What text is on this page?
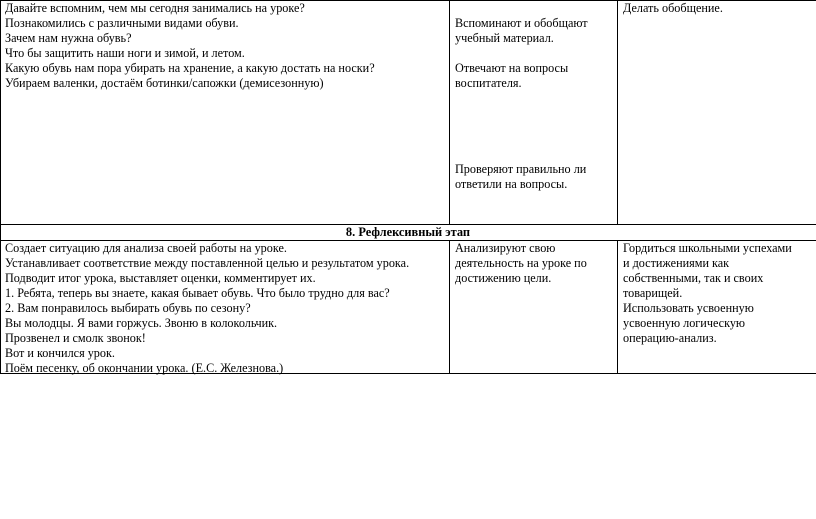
Давайте вспомним, чем мы сегодня занимались на уроке?
Познакомились с различными видами обуви.
Зачем нам нужна обувь?
Что бы защитить наши ноги и зимой, и летом.
Какую обувь нам пора убирать на хранение, а какую достать на носки?
Убираем валенки, достаём ботинки/сапожки (демисезонную)
Вспоминают и обобщают
учебный материал.
Отвечают на вопросы
воспитателя.
Проверяют правильно ли
ответили на вопросы.
Делать обобщение.
8. Рефлексивный этап
Создает ситуацию для анализа своей работы на уроке.
Устанавливает соответствие между поставленной целью и результатом урока.
Подводит итог урока, выставляет оценки, комментирует их.
1. Ребята, теперь вы знаете, какая бывает обувь. Что было трудно для вас?
2. Вам понравилось выбирать обувь по сезону?
Вы молодцы. Я вами горжусь. Звоню в колокольчик.
Прозвенел и смолк звонок!
Вот и кончился урок.
Поём песенку, об окончании урока. (Е.С. Железнова.)
Анализируют свою
деятельность на уроке по
достижению цели.
Гордиться школьными успехами
и достижениями как
собственными, так и своих
товарищей.
Использовать усвоенную
усвоенную логическую
операцию-анализ.
